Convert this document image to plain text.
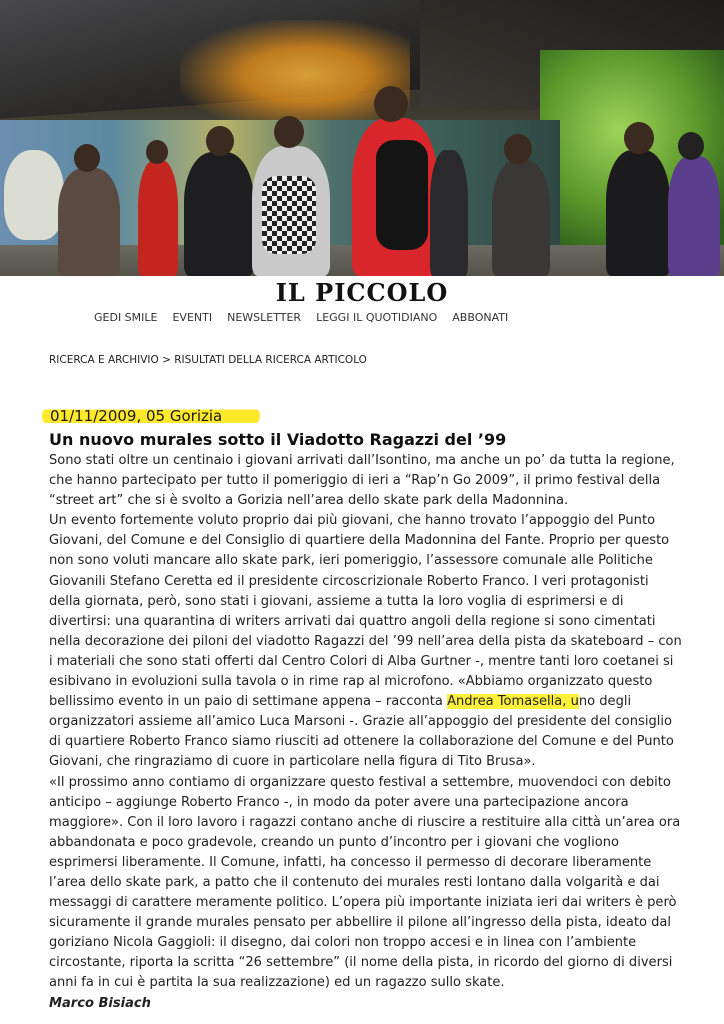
IL PICCOLO
GEDI SMILE EVENTI NEWSLETTER LEGGI IL QUOTIDIANO ABBONATI
RICERCA E ARCHIVIO > RISULTATI DELLA RICERCA ARTICOLO
01/11/2009, 05 Gorizia
Un nuovo murales sotto il Viadotto Ragazzi del ’99

Sono stati oltre un centinaio i giovani arrivati dall’Isontino, ma anche un po’ da tutta la regione, che hanno partecipato per tutto il pomeriggio di ieri a “Rap’n Go 2009”, il primo festival della “street art” che si è svolto a Gorizia nell’area dello skate park della Madonnina.

Un evento fortemente voluto proprio dai più giovani, che hanno trovato l’appoggio del Punto Giovani, del Comune e del Consiglio di quartiere della Madonnina del Fante. Proprio per questo non sono voluti mancare allo skate park, ieri pomeriggio, l’assessore comunale alle Politiche Giovanili Stefano Ceretta ed il presidente circoscrizionale Roberto Franco. I veri protagonisti della giornata, però, sono stati i giovani, assieme a tutta la loro voglia di esprimersi e di divertirsi: una quarantina di writers arrivati dai quattro angoli della regione si sono cimentati nella decorazione dei piloni del viadotto Ragazzi del ’99 nell’area della pista da skateboard – con i materiali che sono stati offerti dal Centro Colori di Alba Gurtner -, mentre tanti loro coetanei si esibivano in evoluzioni sulla tavola o in rime rap al microfono. «Abbiamo organizzato questo bellissimo evento in un paio di settimane appena – racconta Andrea Tomasella, uno degli organizzatori assieme all’amico Luca Marsoni -. Grazie all’appoggio del presidente del consiglio di quartiere Roberto Franco siamo riusciti ad ottenere la collaborazione del Comune e del Punto Giovani, che ringraziamo di cuore in particolare nella figura di Tito Brusa».

«Il prossimo anno contiamo di organizzare questo festival a settembre, muovendoci con debito anticipo – aggiunge Roberto Franco -, in modo da poter avere una partecipazione ancora maggiore». Con il loro lavoro i ragazzi contano anche di riuscire a restituire alla città un’area ora abbandonata e poco gradevole, creando un punto d’incontro per i giovani che vogliono esprimersi liberamente. Il Comune, infatti, ha concesso il permesso di decorare liberamente l’area dello skate park, a patto che il contenuto dei murales resti lontano dalla volgarità e dai messaggi di carattere meramente politico. L’opera più importante iniziata ieri dai writers è però sicuramente il grande murales pensato per abbellire il pilone all’ingresso della pista, ideato dal goriziano Nicola Gaggioli: il disegno, dai colori non troppo accesi e in linea con l’ambiente circostante, riporta la scritta “26 settembre” (il nome della pista, in ricordo del giorno di diversi anni fa in cui è partita la sua realizzazione) ed un ragazzo sullo skate.

Marco Bisiach
